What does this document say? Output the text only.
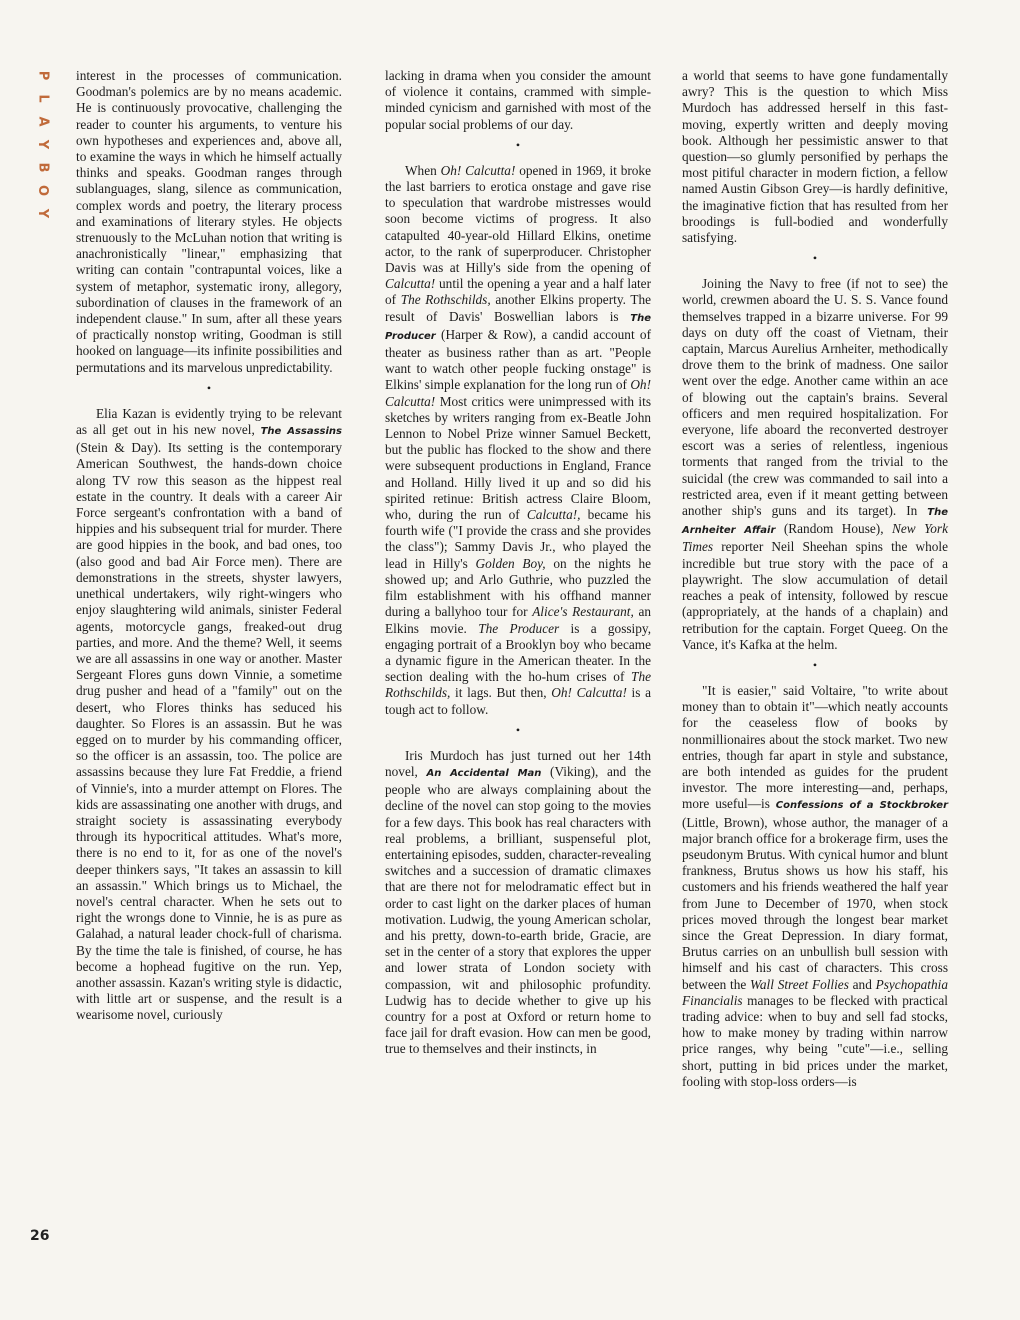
P
L
A
Y
B
O
Y
26

interest in the processes of communication. Goodman's polemics are by no means academic. He is continuously provocative, challenging the reader to counter his arguments, to venture his own hypotheses and experiences and, above all, to examine the ways in which he himself actually thinks and speaks. Goodman ranges through sublanguages, slang, silence as communication, complex words and poetry, the literary process and examinations of literary styles. He objects strenuously to the McLuhan notion that writing is anachronistically "linear," emphasizing that writing can contain "contrapuntal voices, like a system of metaphor, systematic irony, allegory, subordination of clauses in the framework of an independent clause." In sum, after all these years of practically nonstop writing, Goodman is still hooked on language—its infinite possibilities and permutations and its marvelous unpredictability.

•

Elia Kazan is evidently trying to be relevant as all get out in his new novel, The Assassins (Stein & Day). Its setting is the contemporary American Southwest, the hands-down choice along TV row this season as the hippest real estate in the country. It deals with a career Air Force sergeant's confrontation with a band of hippies and his subsequent trial for murder. There are good hippies in the book, and bad ones, too (also good and bad Air Force men). There are demonstrations in the streets, shyster lawyers, unethical undertakers, wily right-wingers who enjoy slaughtering wild animals, sinister Federal agents, motorcycle gangs, freaked-out drug parties, and more. And the theme? Well, it seems we are all assassins in one way or another. Master Sergeant Flores guns down Vinnie, a sometime drug pusher and head of a "family" out on the desert, who Flores thinks has seduced his daughter. So Flores is an assassin. But he was egged on to murder by his commanding officer, so the officer is an assassin, too. The police are assassins because they lure Fat Freddie, a friend of Vinnie's, into a murder attempt on Flores. The kids are assassinating one another with drugs, and straight society is assassinating everybody through its hypocritical attitudes. What's more, there is no end to it, for as one of the novel's deeper thinkers says, "It takes an assassin to kill an assassin." Which brings us to Michael, the novel's central character. When he sets out to right the wrongs done to Vinnie, he is as pure as Galahad, a natural leader chock-full of charisma. By the time the tale is finished, of course, he has become a hophead fugitive on the run. Yep, another assassin. Kazan's writing style is didactic, with little art or suspense, and the result is a wearisome novel, curiously

lacking in drama when you consider the amount of violence it contains, crammed with simple-minded cynicism and garnished with most of the popular social problems of our day.

•

When Oh! Calcutta! opened in 1969, it broke the last barriers to erotica onstage and gave rise to speculation that wardrobe mistresses would soon become victims of progress. It also catapulted 40-year-old Hillard Elkins, onetime actor, to the rank of superproducer. Christopher Davis was at Hilly's side from the opening of Calcutta! until the opening a year and a half later of The Rothschilds, another Elkins property. The result of Davis' Boswellian labors is The Producer (Harper & Row), a candid account of theater as business rather than as art. "People want to watch other people fucking onstage" is Elkins' simple explanation for the long run of Oh! Calcutta! Most critics were unimpressed with its sketches by writers ranging from ex-Beatle John Lennon to Nobel Prize winner Samuel Beckett, but the public has flocked to the show and there were subsequent productions in England, France and Holland. Hilly lived it up and so did his spirited retinue: British actress Claire Bloom, who, during the run of Calcutta!, became his fourth wife ("I provide the crass and she provides the class"); Sammy Davis Jr., who played the lead in Hilly's Golden Boy, on the nights he showed up; and Arlo Guthrie, who puzzled the film establishment with his offhand manner during a ballyhoo tour for Alice's Restaurant, an Elkins movie. The Producer is a gossipy, engaging portrait of a Brooklyn boy who became a dynamic figure in the American theater. In the section dealing with the ho-hum crises of The Rothschilds, it lags. But then, Oh! Calcutta! is a tough act to follow.

•

Iris Murdoch has just turned out her 14th novel, An Accidental Man (Viking), and the people who are always complaining about the decline of the novel can stop going to the movies for a few days. This book has real characters with real problems, a brilliant, suspenseful plot, entertaining episodes, sudden, character-revealing switches and a succession of dramatic climaxes that are there not for melodramatic effect but in order to cast light on the darker places of human motivation. Ludwig, the young American scholar, and his pretty, down-to-earth bride, Gracie, are set in the center of a story that explores the upper and lower strata of London society with compassion, wit and philosophic profundity. Ludwig has to decide whether to give up his country for a post at Oxford or return home to face jail for draft evasion. How can men be good, true to themselves and their instincts, in

a world that seems to have gone fundamentally awry? This is the question to which Miss Murdoch has addressed herself in this fast-moving, expertly written and deeply moving book. Although her pessimistic answer to that question—so glumly personified by perhaps the most pitiful character in modern fiction, a fellow named Austin Gibson Grey—is hardly definitive, the imaginative fiction that has resulted from her broodings is full-bodied and wonderfully satisfying.

•

Joining the Navy to free (if not to see) the world, crewmen aboard the U. S. S. Vance found themselves trapped in a bizarre universe. For 99 days on duty off the coast of Vietnam, their captain, Marcus Aurelius Arnheiter, methodically drove them to the brink of madness. One sailor went over the edge. Another came within an ace of blowing out the captain's brains. Several officers and men required hospitalization. For everyone, life aboard the reconverted destroyer escort was a series of relentless, ingenious torments that ranged from the trivial to the suicidal (the crew was commanded to sail into a restricted area, even if it meant getting between another ship's guns and its target). In The Arnheiter Affair (Random House), New York Times reporter Neil Sheehan spins the whole incredible but true story with the pace of a playwright. The slow accumulation of detail reaches a peak of intensity, followed by rescue (appropriately, at the hands of a chaplain) and retribution for the captain. Forget Queeg. On the Vance, it's Kafka at the helm.

•

"It is easier," said Voltaire, "to write about money than to obtain it"—which neatly accounts for the ceaseless flow of books by nonmillionaires about the stock market. Two new entries, though far apart in style and substance, are both intended as guides for the prudent investor. The more interesting—and, perhaps, more useful—is Confessions of a Stockbroker (Little, Brown), whose author, the manager of a major branch office for a brokerage firm, uses the pseudonym Brutus. With cynical humor and blunt frankness, Brutus shows us how his staff, his customers and his friends weathered the half year from June to December of 1970, when stock prices moved through the longest bear market since the Great Depression. In diary format, Brutus carries on an unbullish bull session with himself and his cast of characters. This cross between the Wall Street Follies and Psychopathia Financialis manages to be flecked with practical trading advice: when to buy and sell fad stocks, how to make money by trading within narrow price ranges, why being "cute"—i.e., selling short, putting in bid prices under the market, fooling with stop-loss orders—is
